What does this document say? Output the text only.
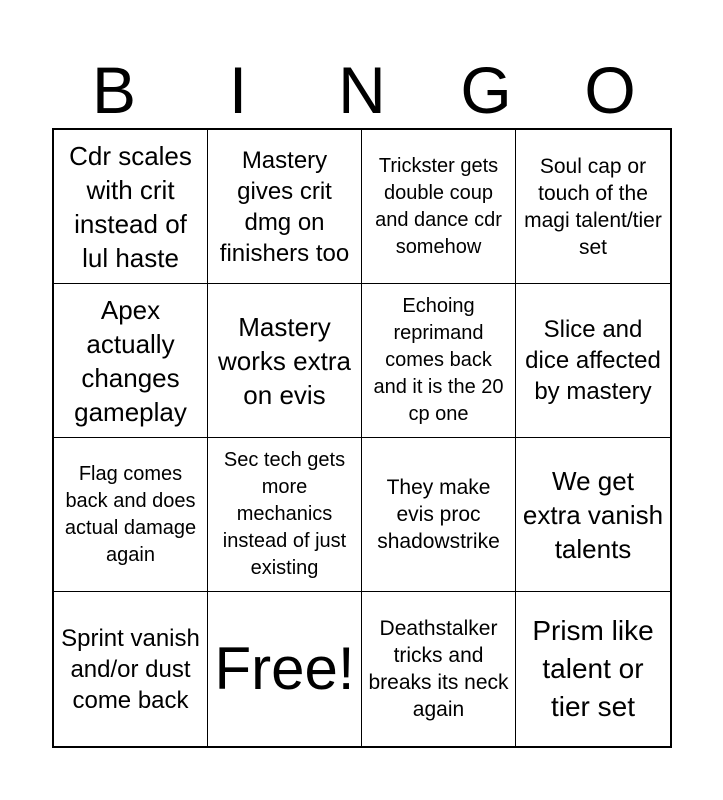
B	I	N	G	O
Cdr scales with crit instead of lul haste
Mastery gives crit dmg on finishers too
Trickster gets double coup and dance cdr somehow
Soul cap or touch of the magi talent/tier set
Apex actually changes gameplay
Mastery works extra on evis
Echoing reprimand comes back and it is the 20 cp one
Slice and dice affected by mastery
Flag comes back and does actual damage again
Sec tech gets more mechanics instead of just existing
They make evis proc shadowstrike
We get extra vanish talents
Sprint vanish and/or dust come back Free!
Deathstalker tricks and breaks its neck again
Prism like talent or tier set
